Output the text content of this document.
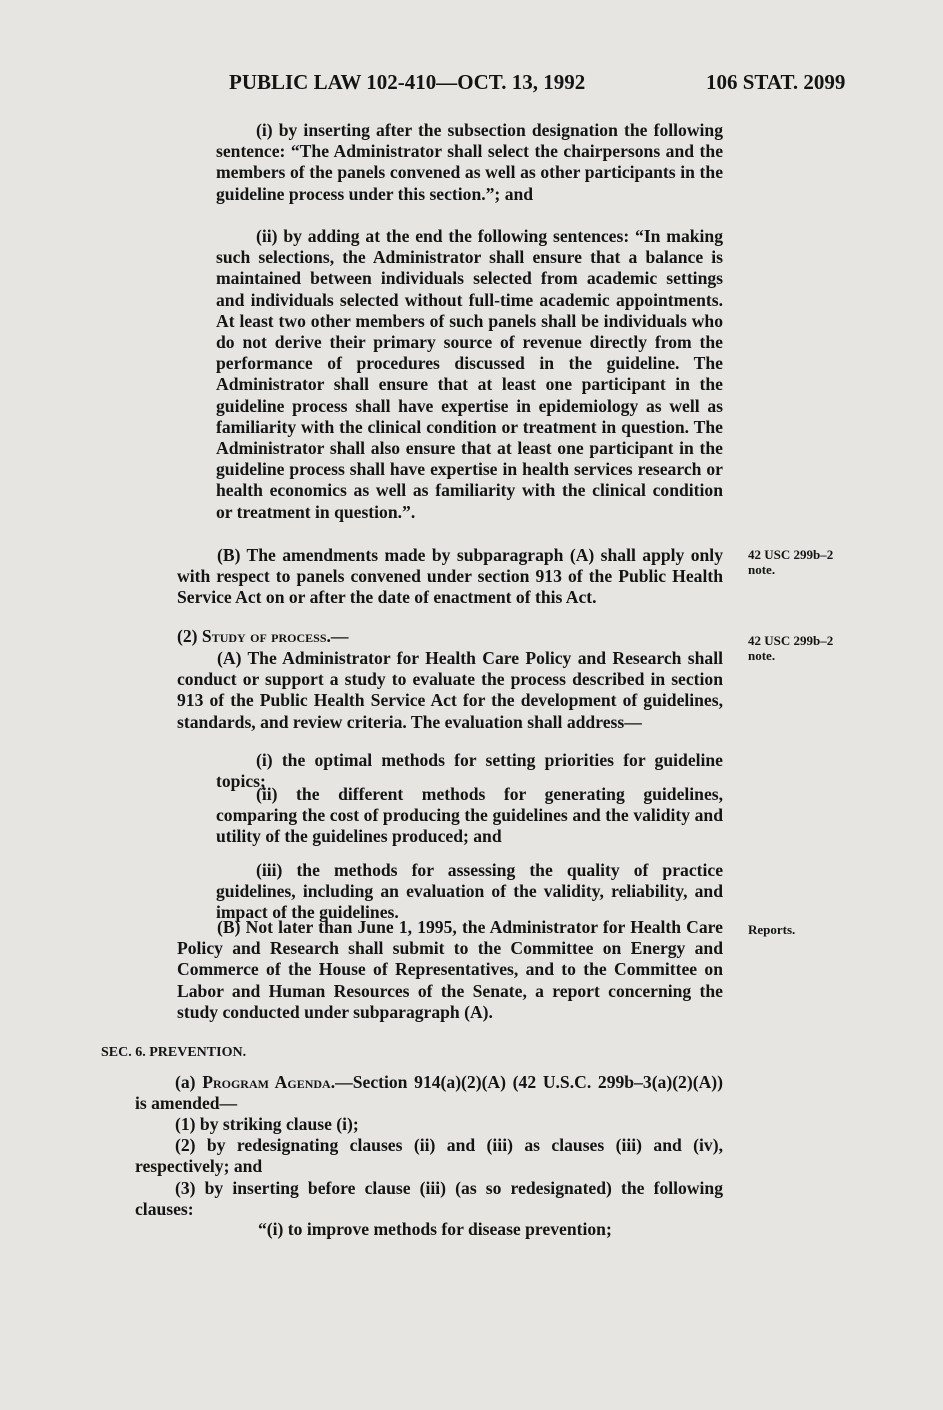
PUBLIC LAW 102-410—OCT. 13, 1992	106 STAT. 2099

(i) by inserting after the subsection designation the following sentence: “The Administrator shall select the chairpersons and the members of the panels convened as well as other participants in the guideline process under this section.”; and

(ii) by adding at the end the following sentences: “In making such selections, the Administrator shall ensure that a balance is maintained between individuals selected from academic settings and individuals selected without full-time academic appointments. At least two other members of such panels shall be individuals who do not derive their primary source of revenue directly from the performance of procedures discussed in the guideline. The Administrator shall ensure that at least one participant in the guideline process shall have expertise in epidemiology as well as familiarity with the clinical condition or treatment in question. The Administrator shall also ensure that at least one participant in the guideline process shall have expertise in health services research or health economics as well as familiarity with the clinical condition or treatment in question.”.

(B) The amendments made by subparagraph (A) shall apply only with respect to panels convened under section 913 of the Public Health Service Act on or after the date of enactment of this Act.

(2) Study of process.—

(A) The Administrator for Health Care Policy and Research shall conduct or support a study to evaluate the process described in section 913 of the Public Health Service Act for the development of guidelines, standards, and review criteria. The evaluation shall address—

(i) the optimal methods for setting priorities for guideline topics;

(ii) the different methods for generating guidelines, comparing the cost of producing the guidelines and the validity and utility of the guidelines produced; and

(iii) the methods for assessing the quality of practice guidelines, including an evaluation of the validity, reliability, and impact of the guidelines.

(B) Not later than June 1, 1995, the Administrator for Health Care Policy and Research shall submit to the Committee on Energy and Commerce of the House of Representatives, and to the Committee on Labor and Human Resources of the Senate, a report concerning the study conducted under subparagraph (A).

(a) Program Agenda.—Section 914(a)(2)(A) (42 U.S.C. 299b–3(a)(2)(A)) is amended—

(1) by striking clause (i);

(2) by redesignating clauses (ii) and (iii) as clauses (iii) and (iv), respectively; and

(3) by inserting before clause (iii) (as so redesignated) the following clauses:

“(i) to improve methods for disease prevention;

SEC. 6. PREVENTION.
42 USC 299b–2
note.
42 USC 299b–2
note.
Reports.
